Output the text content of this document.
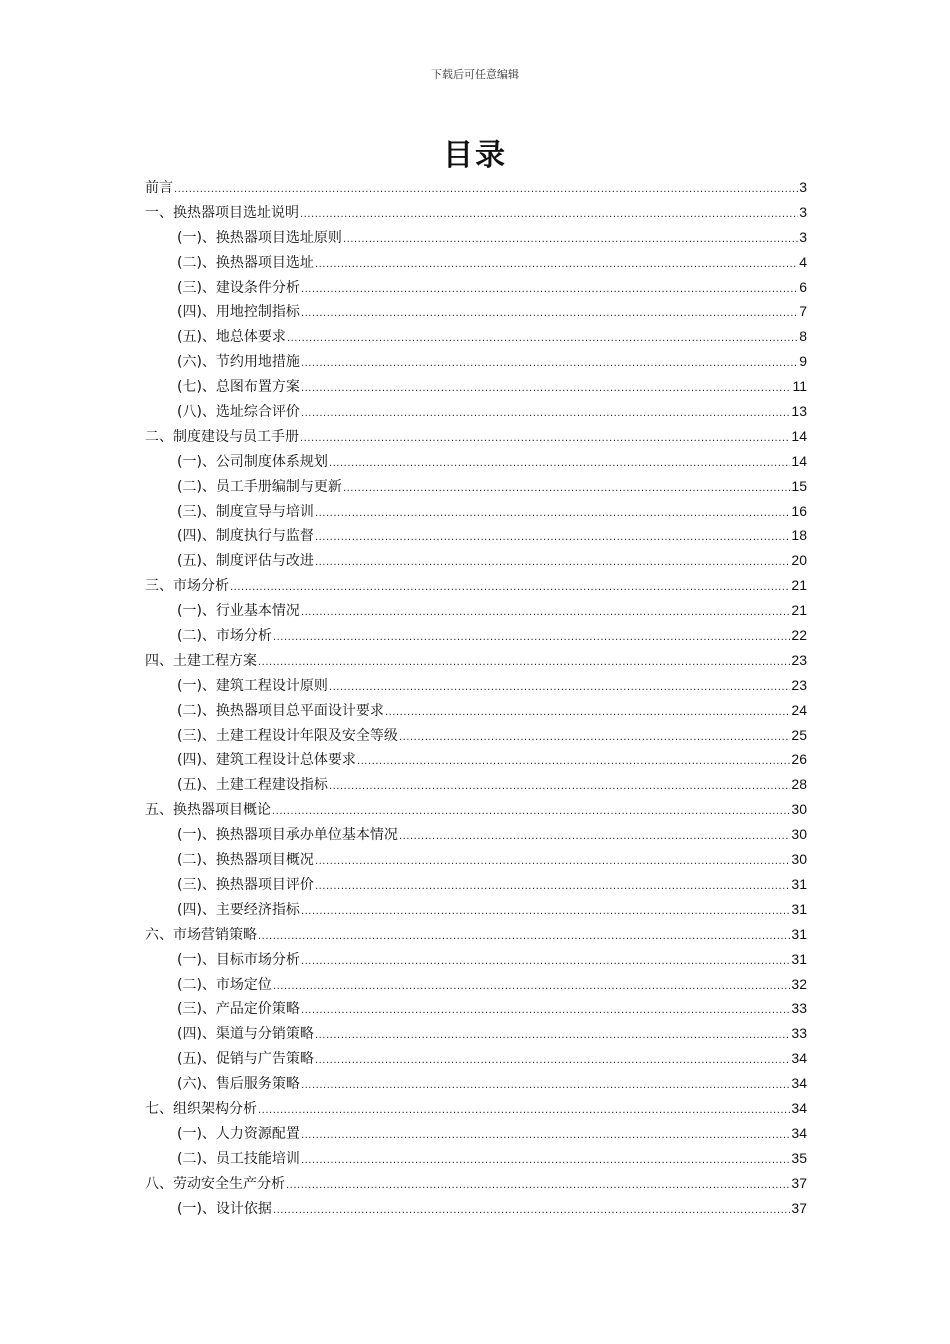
下载后可任意编辑
目录
前言 .....	3
一、换热器项目选址说明 .....	3
(一)、换热器项目选址原则 .....	3
(二)、换热器项目选址 .....	4
(三)、建设条件分析 .....	6
(四)、用地控制指标 .....	7
(五)、地总体要求 .....	8
(六)、节约用地措施 .....	9
(七)、总图布置方案 .....	11
(八)、选址综合评价 .....	13
二、制度建设与员工手册 .....	14
(一)、公司制度体系规划 .....	14
(二)、员工手册编制与更新 .....	15
(三)、制度宣导与培训 .....	16
(四)、制度执行与监督 .....	18
(五)、制度评估与改进 .....	20
三、市场分析 .....	21
(一)、行业基本情况 .....	21
(二)、市场分析 .....	22
四、土建工程方案 .....	23
(一)、建筑工程设计原则 .....	23
(二)、换热器项目总平面设计要求 .....	24
(三)、土建工程设计年限及安全等级 .....	25
(四)、建筑工程设计总体要求 .....	26
(五)、土建工程建设指标 .....	28
五、换热器项目概论 .....	30
(一)、换热器项目承办单位基本情况 .....	30
(二)、换热器项目概况 .....	30
(三)、换热器项目评价 .....	31
(四)、主要经济指标 .....	31
六、市场营销策略 .....	31
(一)、目标市场分析 .....	31
(二)、市场定位 .....	32
(三)、产品定价策略 .....	33
(四)、渠道与分销策略 .....	33
(五)、促销与广告策略 .....	34
(六)、售后服务策略 .....	34
七、组织架构分析 .....	34
(一)、人力资源配置 .....	34
(二)、员工技能培训 .....	35
八、劳动安全生产分析 .....	37
(一)、设计依据 .....	37
